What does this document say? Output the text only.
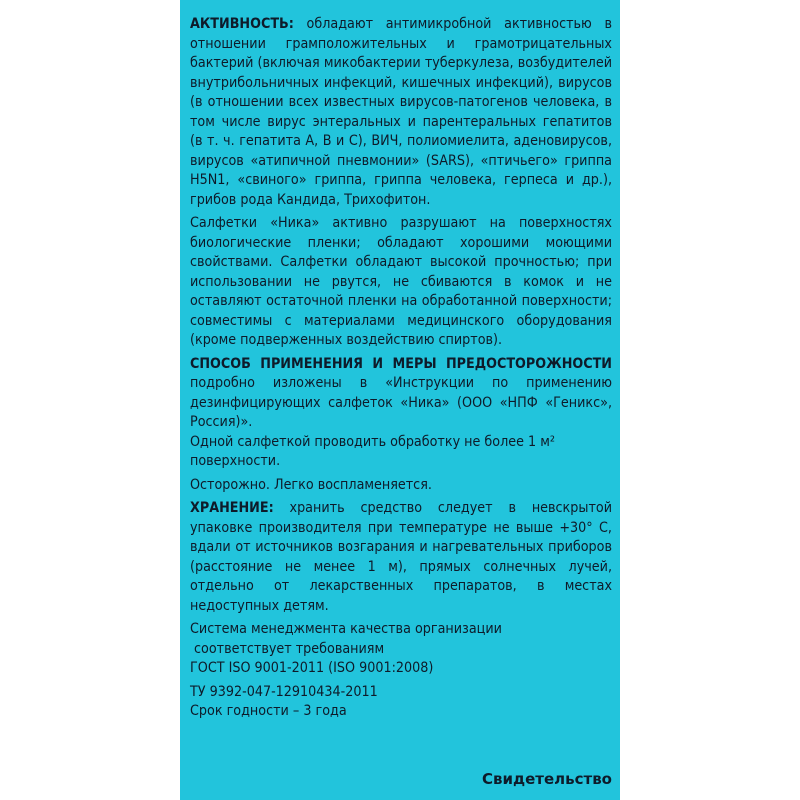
АКТИВНОСТЬ: обладают антимикробной активностью в отношении грамположительных и грамотрицательных бактерий (включая микобактерии туберкулеза, возбудителей внутрибольничных инфекций, кишечных инфекций), вирусов (в отношении всех известных вирусов-патогенов человека, в том числе вирус энтеральных и парентеральных гепатитов (в т. ч. гепатита А, В и С), ВИЧ, полиомиелита, аденовирусов, вирусов «атипичной пневмонии» (SARS), «птичьего» гриппа H5N1, «свиного» гриппа, гриппа человека, герпеса и др.), грибов рода Кандида, Трихофитон.

Салфетки «Ника» активно разрушают на поверхностях биологические пленки; обладают хорошими моющими свойствами. Салфетки обладают высокой прочностью; при использовании не рвутся, не сбиваются в комок и не оставляют остаточной пленки на обработанной поверхности; совместимы с материалами медицинского оборудования (кроме подверженных воздействию спиртов).

СПОСОБ ПРИМЕНЕНИЯ И МЕРЫ ПРЕДОСТОРОЖНОСТИ подробно изложены в «Инструкции по применению дезинфицирующих салфеток «Ника» (ООО «НПФ «Геникс», Россия)».

Одной салфеткой проводить обработку не более 1 м² поверхности.

Осторожно. Легко воспламеняется.

ХРАНЕНИЕ: хранить средство следует в невскрытой упаковке производителя при температуре не выше +30° С, вдали от источников возгарания и нагревательных приборов (расстояние не менее 1 м), прямых солнечных лучей, отдельно от лекарственных препаратов, в местах недоступных детям.

Система менеджмента качества организации
соответствует требованиям
ГОСТ ISO 9001-2011 (ISO 9001:2008)
ТУ 9392-047-12910434-2011
Срок годности – 3 года
Свидетельство
